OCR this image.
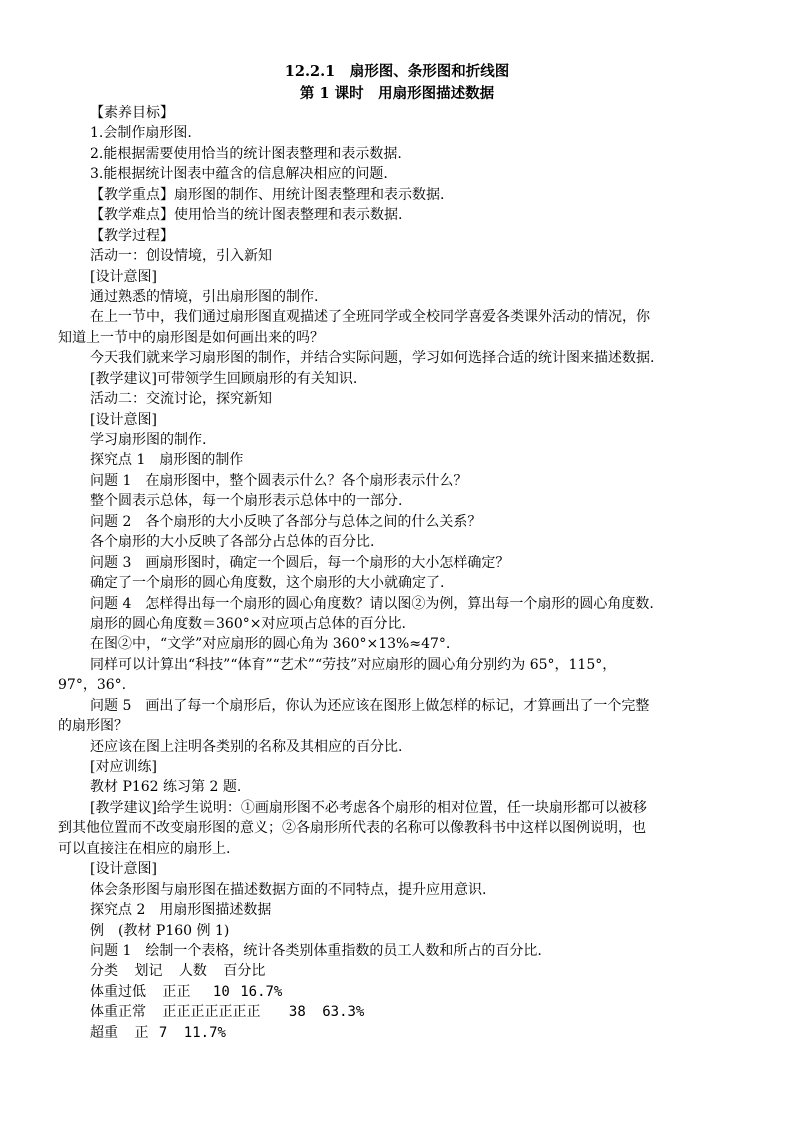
12.2.1　扇形图、条形图和折线图
第 1 课时　用扇形图描述数据
【素养目标】
1.会制作扇形图.
2.能根据需要使用恰当的统计图表整理和表示数据.
3.能根据统计图表中蕴含的信息解决相应的问题.
【教学重点】扇形图的制作、用统计图表整理和表示数据.
【教学难点】使用恰当的统计图表整理和表示数据.
【教学过程】
活动一：创设情境，引入新知
[设计意图]
通过熟悉的情境，引出扇形图的制作.
在上一节中，我们通过扇形图直观描述了全班同学或全校同学喜爱各类课外活动的情况，你
知道上一节中的扇形图是如何画出来的吗？
今天我们就来学习扇形图的制作，并结合实际问题，学习如何选择合适的统计图来描述数据.
[教学建议]可带领学生回顾扇形的有关知识.
活动二：交流讨论，探究新知
[设计意图]
学习扇形图的制作.
探究点 1　扇形图的制作
问题 1　在扇形图中，整个圆表示什么？各个扇形表示什么？
整个圆表示总体，每一个扇形表示总体中的一部分.
问题 2　各个扇形的大小反映了各部分与总体之间的什么关系？
各个扇形的大小反映了各部分占总体的百分比.
问题 3　画扇形图时，确定一个圆后，每一个扇形的大小怎样确定？
确定了一个扇形的圆心角度数，这个扇形的大小就确定了.
问题 4　怎样得出每一个扇形的圆心角度数？请以图②为例，算出每一个扇形的圆心角度数.
扇形的圆心角度数＝360°×对应项占总体的百分比.
在图②中，“文学”对应扇形的圆心角为 360°×13%≈47°.
同样可以计算出“科技”“体育”“艺术”“劳技”对应扇形的圆心角分别约为 65°，115°，
97°，36°.
问题 5　画出了每一个扇形后，你认为还应该在图形上做怎样的标记，才算画出了一个完整
的扇形图？
还应该在图上注明各类别的名称及其相应的百分比.
[对应训练]
教材 P162 练习第 2 题.
[教学建议]给学生说明：①画扇形图不必考虑各个扇形的相对位置，任一块扇形都可以被移
到其他位置而不改变扇形图的意义；②各扇形所代表的名称可以像教科书中这样以图例说明，也
可以直接注在相应的扇形上.
[设计意图]
体会条形图与扇形图在描述数据方面的不同特点，提升应用意识.
探究点 2　用扇形图描述数据
例　(教材 P160 例 1)
问题 1　绘制一个表格，统计各类别体重指数的员工人数和所占的百分比.
分类 划记 人数 百分比
体重过低 正正 10 16.7%
体重正常 正正正正正正正 38 63.3%
超重 正 7 11.7%
